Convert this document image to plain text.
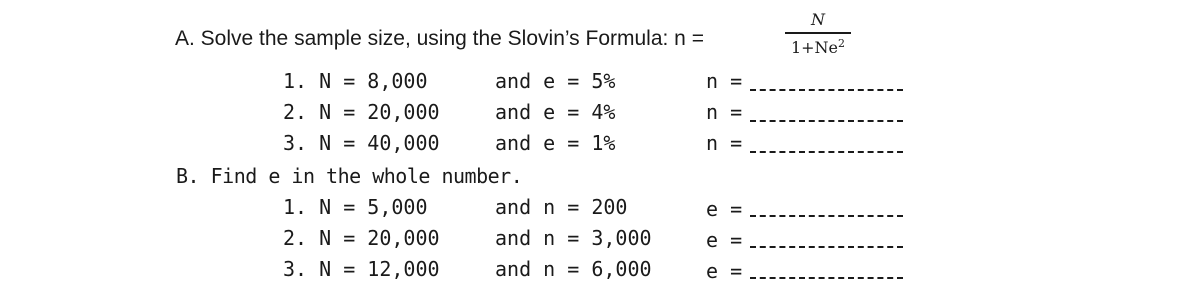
A. Solve the sample size, using the Slovin’s Formula: n =
N
$1+Ne^2$
1. N = 8,000	and e = 5%	n =
2. N = 20,000	and e = 4%	n =
3. N = 40,000	and e = 1%	n =
B. Find e in the whole number.
1. N = 5,000	and n = 200	e =
2. N = 20,000	and n = 3,000	e =
3. N = 12,000	and n = 6,000	e =
